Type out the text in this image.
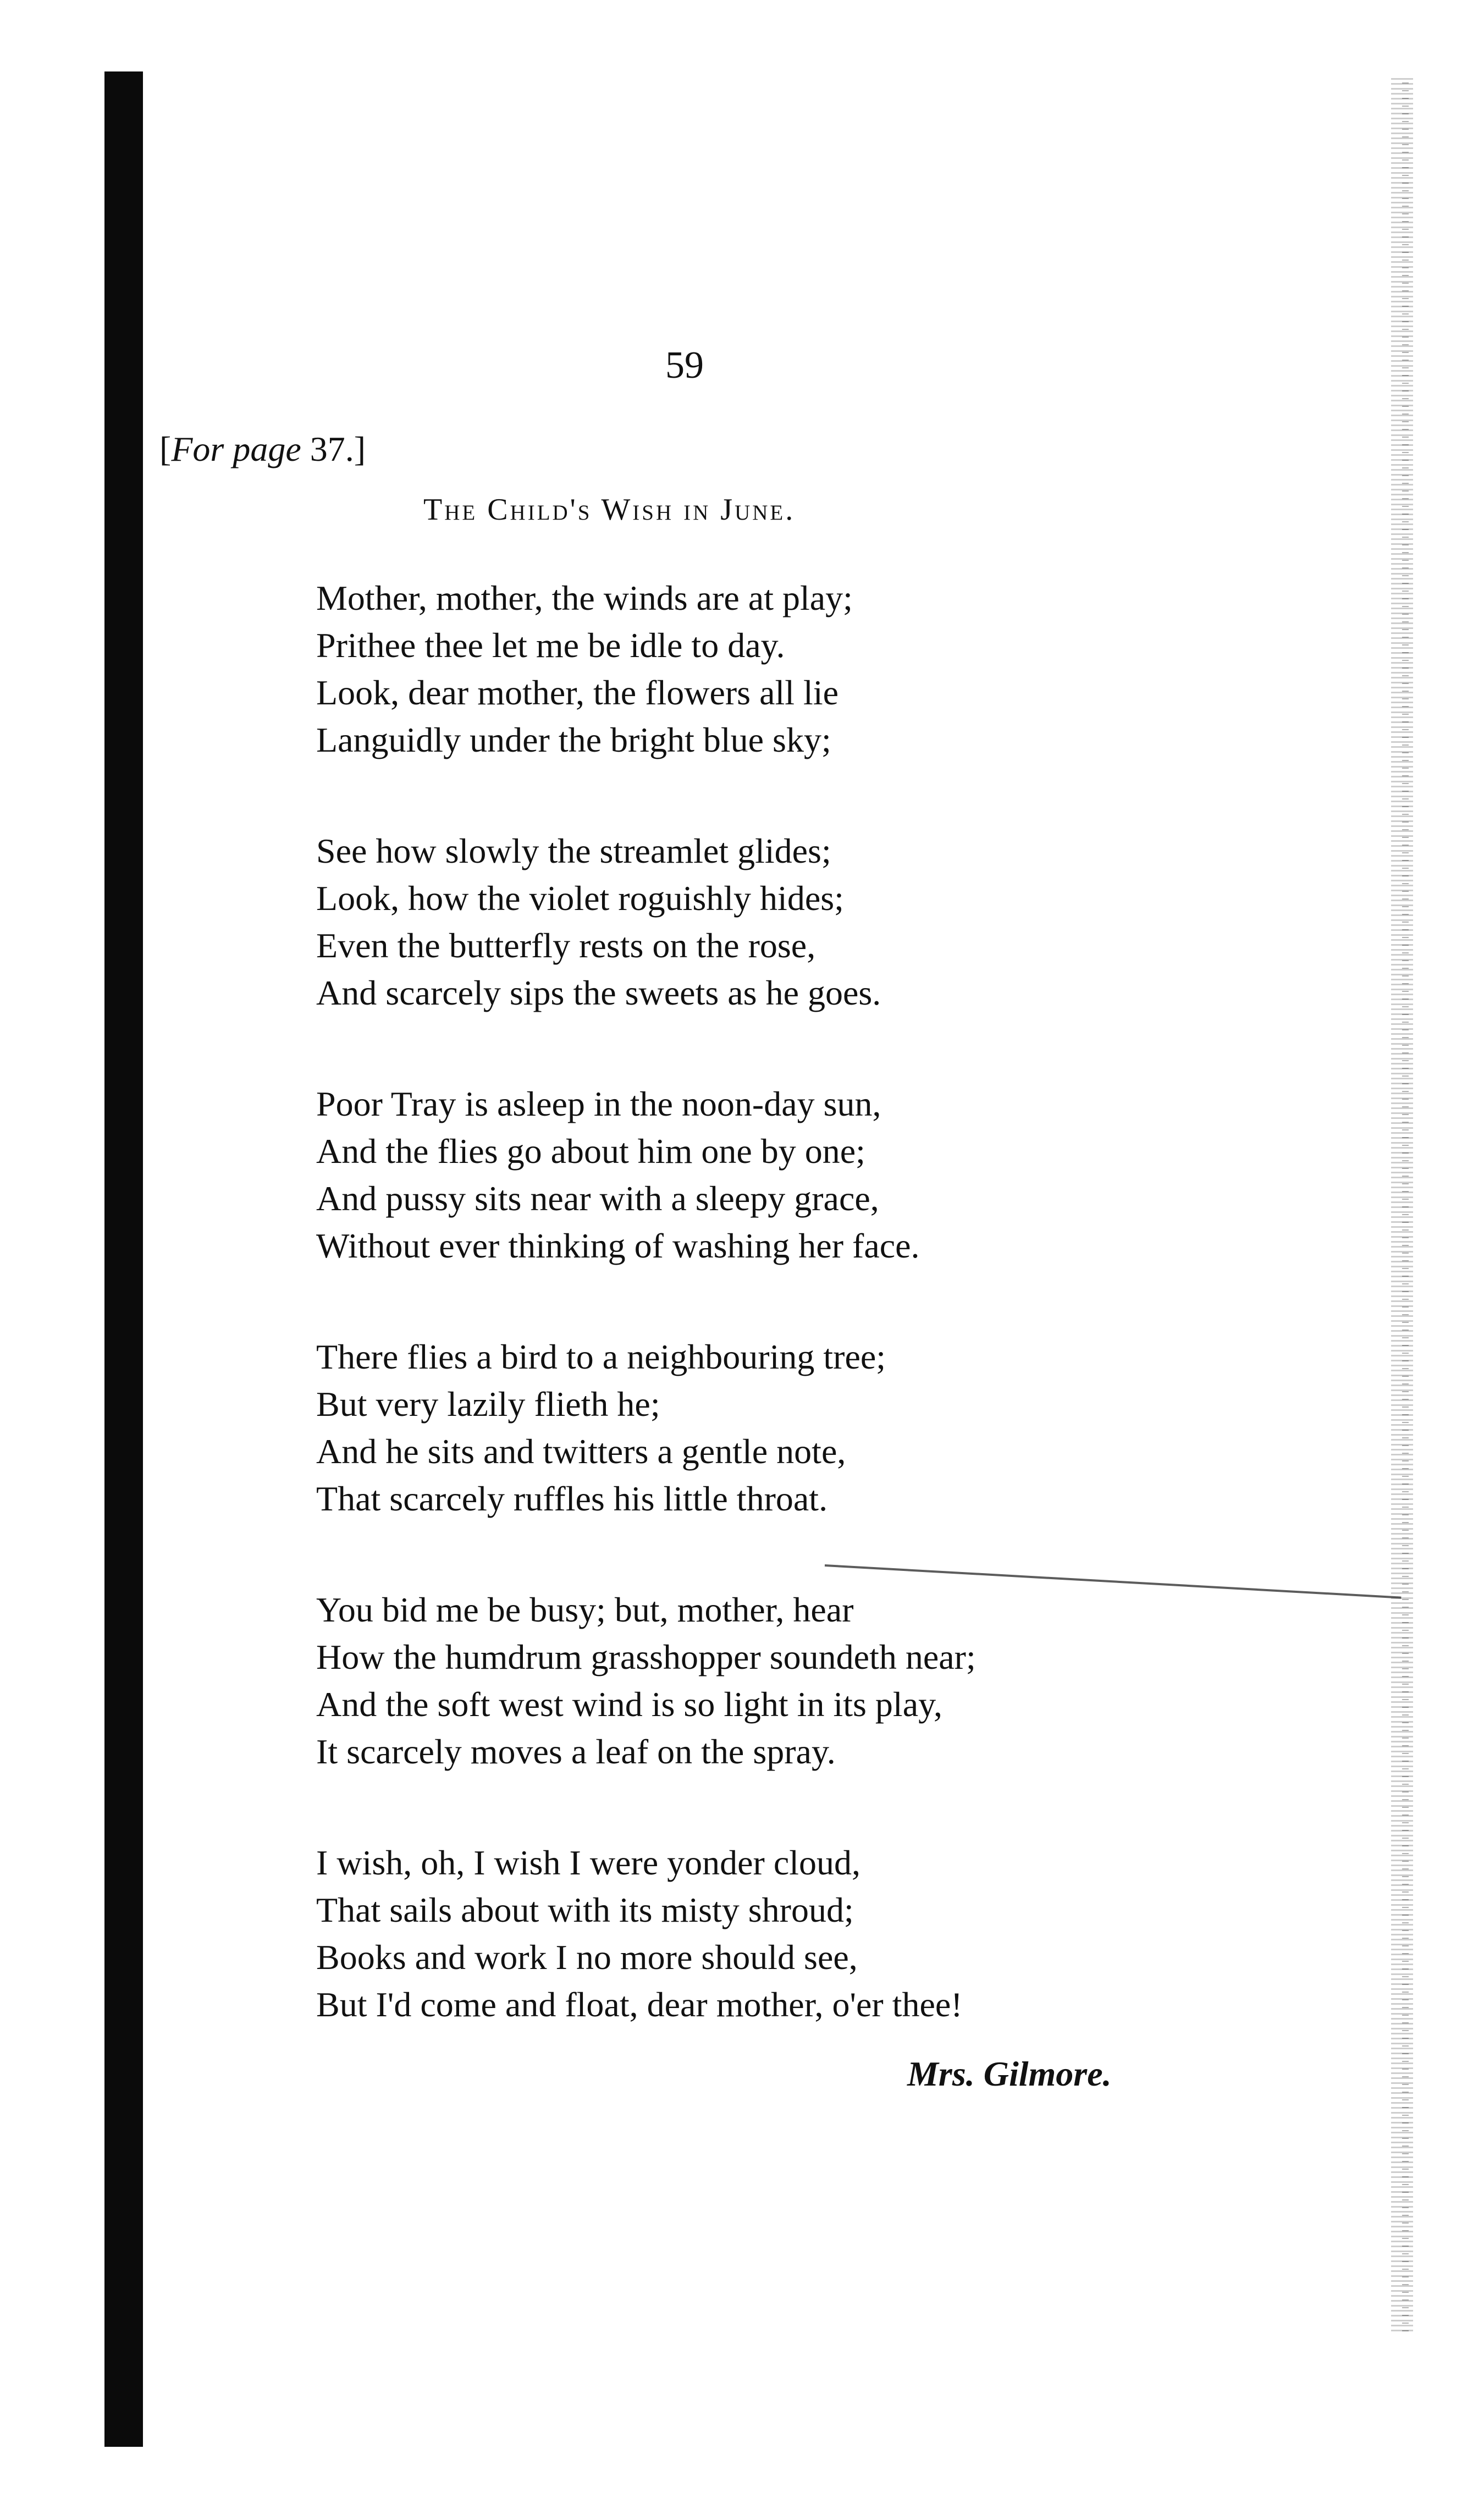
59
[For page 37.]
The Child's Wish in June.
Mother, mother, the winds are at play;
Prithee thee let me be idle to day.
Look, dear mother, the flowers all lie
Languidly under the bright blue sky;
See how slowly the streamlet glides;
Look, how the violet roguishly hides;
Even the butterfly rests on the rose,
And scarcely sips the sweets as he goes.
Poor Tray is asleep in the noon-day sun,
And the flies go about him one by one;
And pussy sits near with a sleepy grace,
Without ever thinking of washing her face.
There flies a bird to a neighbouring tree;
But very lazily flieth he;
And he sits and twitters a gentle note,
That scarcely ruffles his little throat.
You bid me be busy; but, mother, hear
How the humdrum grasshopper soundeth near;
And the soft west wind is so light in its play,
It scarcely moves a leaf on the spray.
I wish, oh, I wish I were yonder cloud,
That sails about with its misty shroud;
Books and work I no more should see,
But I'd come and float, dear mother, o'er thee!
Mrs. Gilmore.
